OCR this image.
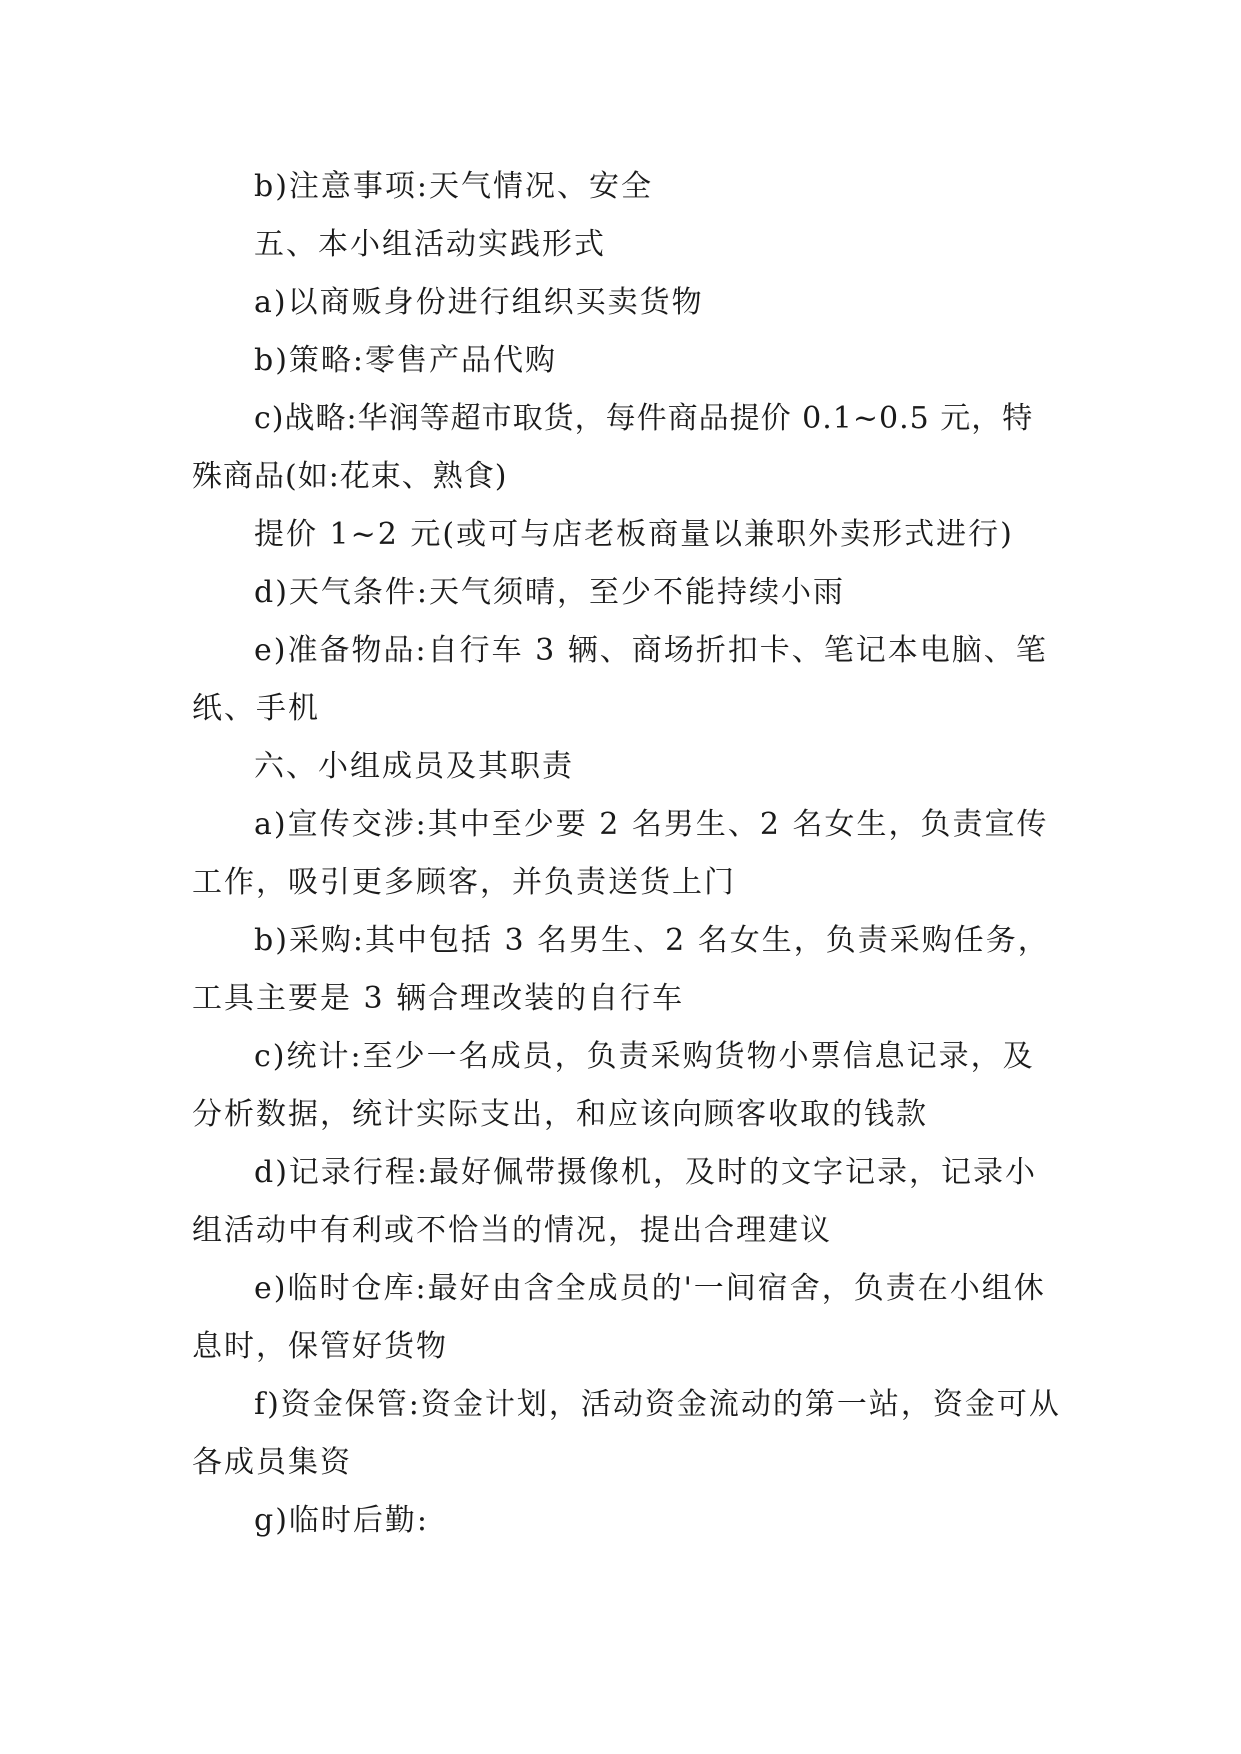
b)注意事项:天气情况、安全

五、本小组活动实践形式

a)以商贩身份进行组织买卖货物

b)策略:零售产品代购

c)战略:华润等超市取货，每件商品提价 0.1~0.5 元，特殊商品(如:花束、熟食)

提价 1~2 元(或可与店老板商量以兼职外卖形式进行)

d)天气条件:天气须晴，至少不能持续小雨

e)准备物品:自行车 3 辆、商场折扣卡、笔记本电脑、笔纸、手机

六、小组成员及其职责

a)宣传交涉:其中至少要 2 名男生、2 名女生，负责宣传工作，吸引更多顾客，并负责送货上门

b)采购:其中包括 3 名男生、2 名女生，负责采购任务，工具主要是 3 辆合理改装的自行车

c)统计:至少一名成员，负责采购货物小票信息记录，及分析数据，统计实际支出，和应该向顾客收取的钱款

d)记录行程:最好佩带摄像机，及时的文字记录，记录小组活动中有利或不恰当的情况，提出合理建议

e)临时仓库:最好由含全成员的'一间宿舍，负责在小组休息时，保管好货物

f)资金保管:资金计划，活动资金流动的第一站，资金可从各成员集资

g)临时后勤:
